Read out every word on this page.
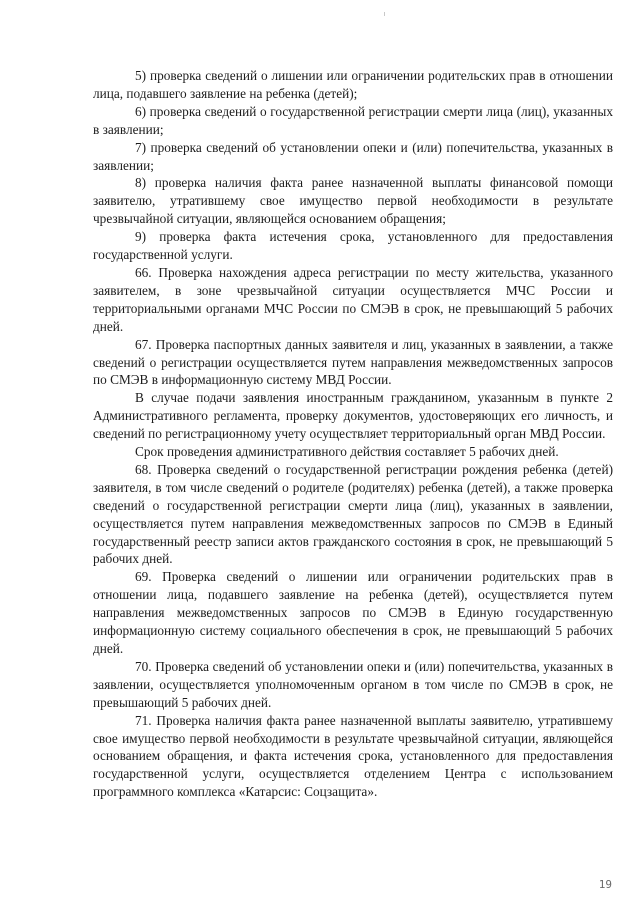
5) проверка сведений о лишении или ограничении родительских прав в отношении лица, подавшего заявление на ребенка (детей);

6) проверка сведений о государственной регистрации смерти лица (лиц), указанных в заявлении;

7) проверка сведений об установлении опеки и (или) попечительства, указанных в заявлении;

8) проверка наличия факта ранее назначенной выплаты финансовой помощи заявителю, утратившему свое имущество первой необходимости в результате чрезвычайной ситуации, являющейся основанием обращения;

9) проверка факта истечения срока, установленного для предоставления государственной услуги.

66. Проверка нахождения адреса регистрации по месту жительства, указанного заявителем, в зоне чрезвычайной ситуации осуществляется МЧС России и территориальными органами МЧС России по СМЭВ в срок, не превышающий 5 рабочих дней.

67. Проверка паспортных данных заявителя и лиц, указанных в заявлении, а также сведений о регистрации осуществляется путем направления межведомственных запросов по СМЭВ в информационную систему МВД России.

В случае подачи заявления иностранным гражданином, указанным в пункте 2 Административного регламента, проверку документов, удостоверяющих его личность, и сведений по регистрационному учету осуществляет территориальный орган МВД России.

Срок проведения административного действия составляет 5 рабочих дней.

68. Проверка сведений о государственной регистрации рождения ребенка (детей) заявителя, в том числе сведений о родителе (родителях) ребенка (детей), а также проверка сведений о государственной регистрации смерти лица (лиц), указанных в заявлении, осуществляется путем направления межведомственных запросов по СМЭВ в Единый государственный реестр записи актов гражданского состояния в срок, не превышающий 5 рабочих дней.

69. Проверка сведений о лишении или ограничении родительских прав в отношении лица, подавшего заявление на ребенка (детей), осуществляется путем направления межведомственных запросов по СМЭВ в Единую государственную информационную систему социального обеспечения в срок, не превышающий 5 рабочих дней.

70. Проверка сведений об установлении опеки и (или) попечительства, указанных в заявлении, осуществляется уполномоченным органом в том числе по СМЭВ в срок, не превышающий 5 рабочих дней.

71. Проверка наличия факта ранее назначенной выплаты заявителю, утратившему свое имущество первой необходимости в результате чрезвычайной ситуации, являющейся основанием обращения, и факта истечения срока, установленного для предоставления государственной услуги, осуществляется отделением Центра с использованием программного комплекса «Катарсис: Соцзащита».

19
